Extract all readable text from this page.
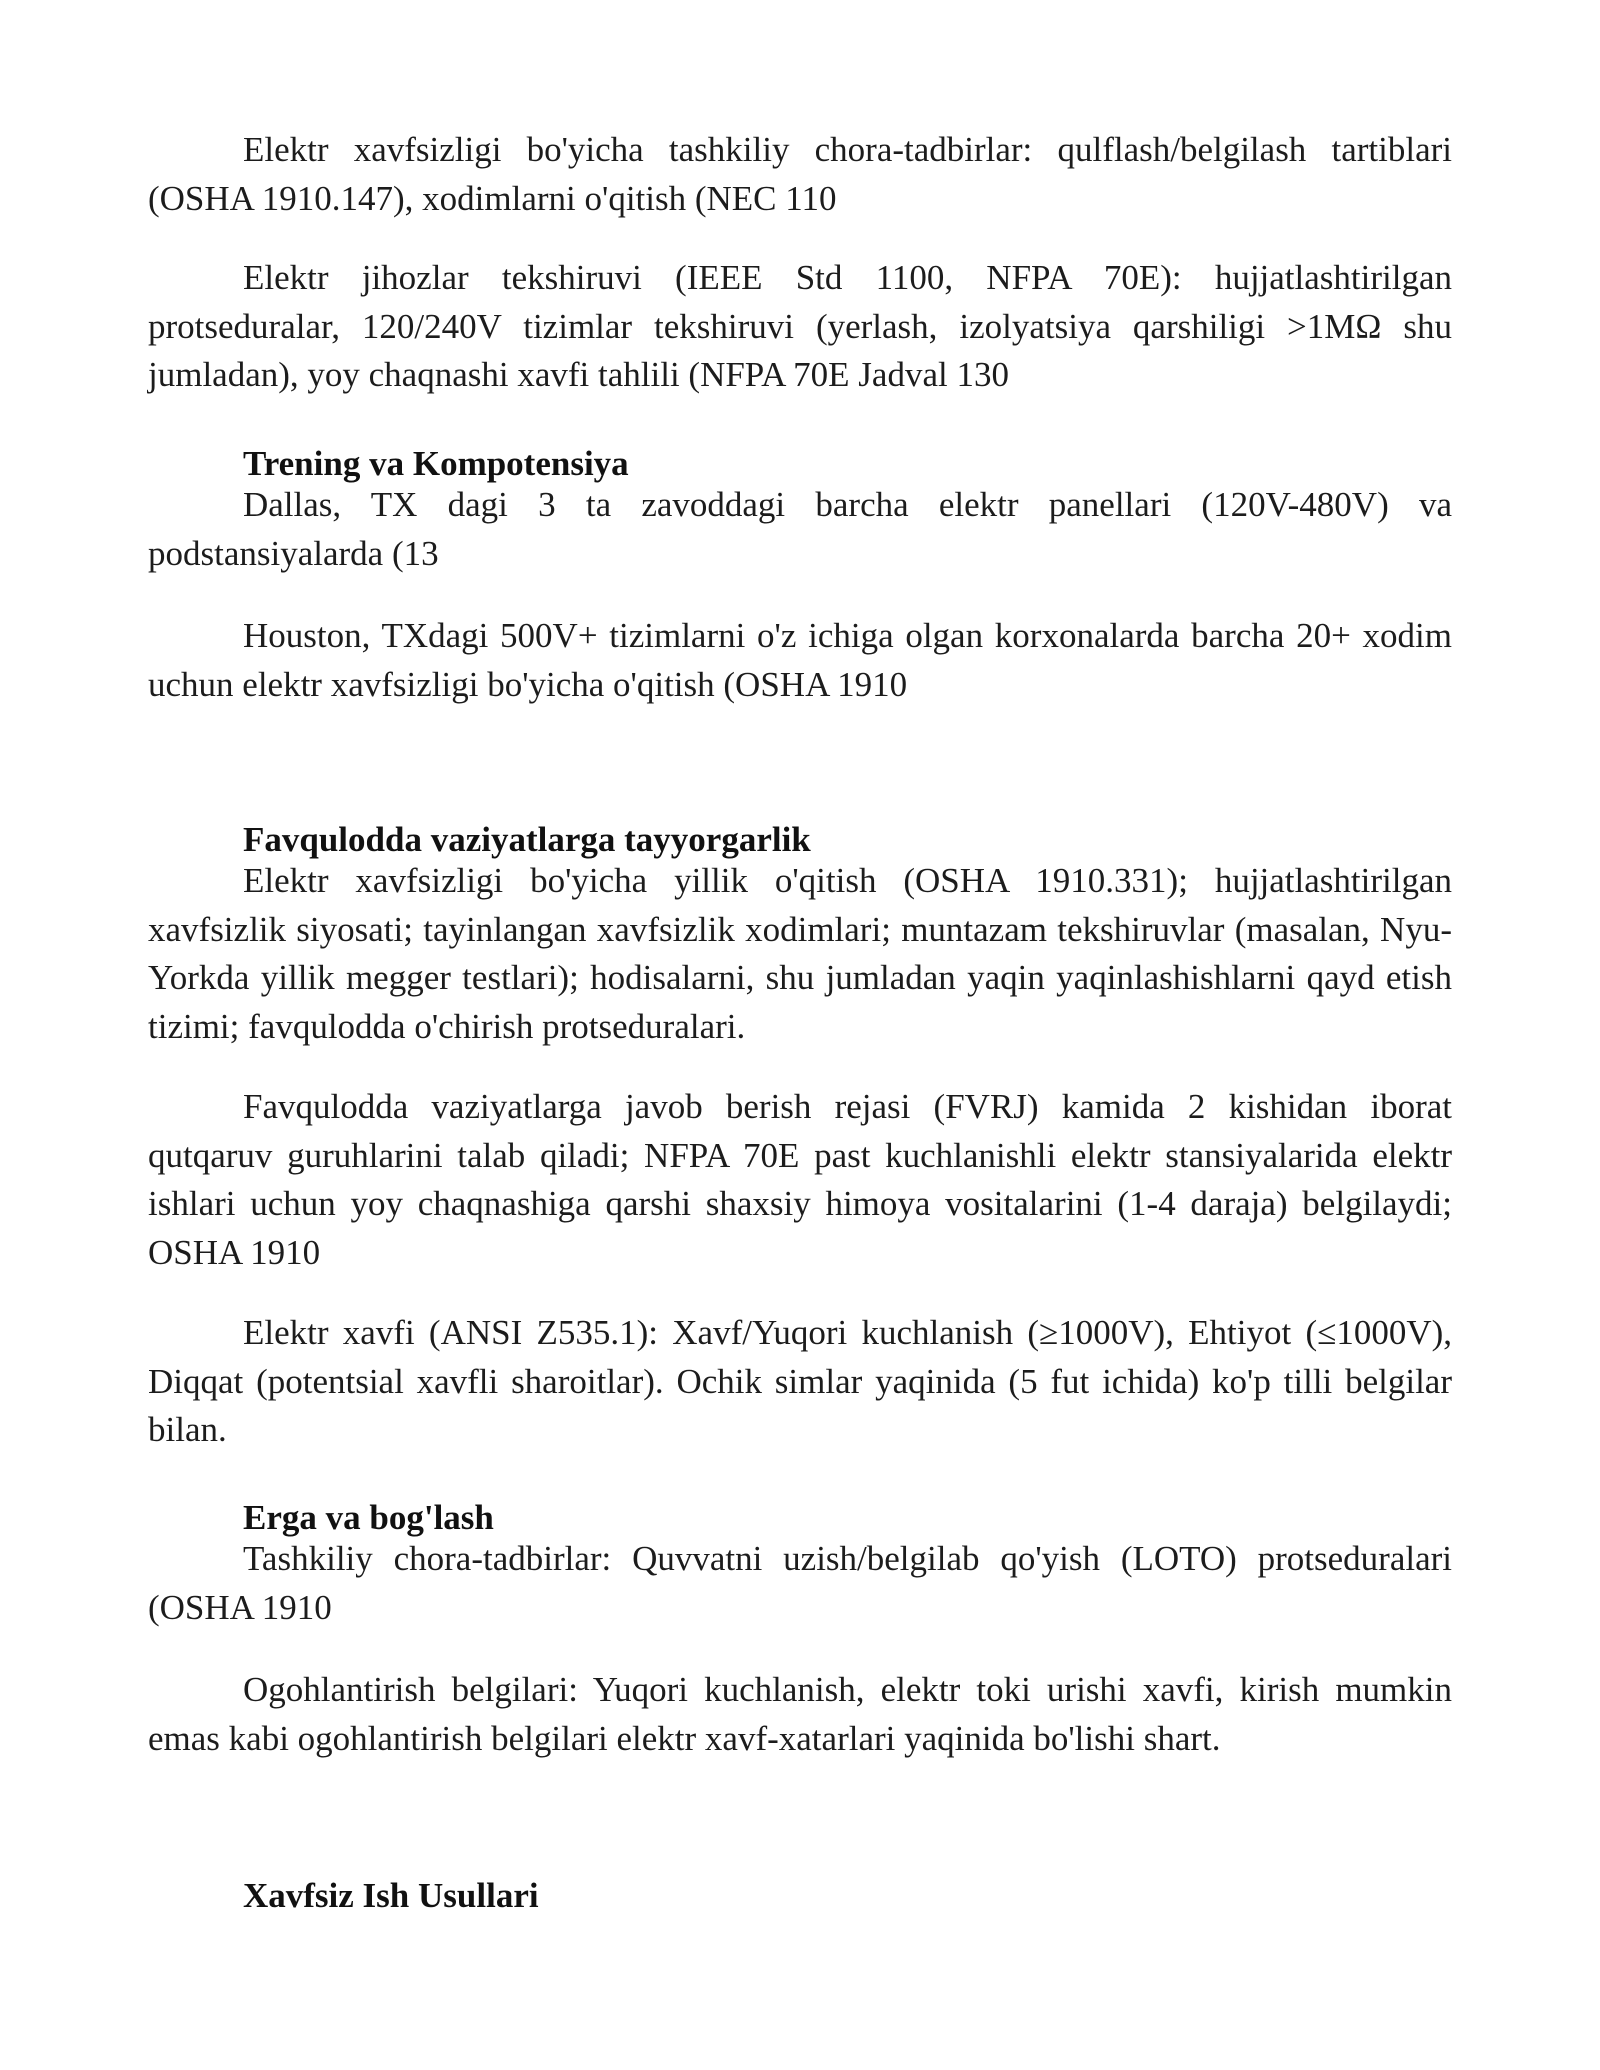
Elektr xavfsizligi bo'yicha tashkiliy chora-tadbirlar: qulflash/belgilash tartiblari (OSHA 1910.147), xodimlarni o'qitish (NEC 110

Elektr jihozlar tekshiruvi (IEEE Std 1100, NFPA 70E): hujjatlashtirilgan protseduralar, 120/240V tizimlar tekshiruvi (yerlash, izolyatsiya qarshiligi >1MΩ shu jumladan), yoy chaqnashi xavfi tahlili (NFPA 70E Jadval 130

Trening va Kompotensiya

Dallas, TX dagi 3 ta zavoddagi barcha elektr panellari (120V-480V) va podstansiyalarda (13

Houston, TXdagi 500V+ tizimlarni o'z ichiga olgan korxonalarda barcha 20+ xodim uchun elektr xavfsizligi bo'yicha o'qitish (OSHA 1910

Favqulodda vaziyatlarga tayyorgarlik

Elektr xavfsizligi bo'yicha yillik o'qitish (OSHA 1910.331); hujjatlashtirilgan xavfsizlik siyosati; tayinlangan xavfsizlik xodimlari; muntazam tekshiruvlar (masalan, Nyu-Yorkda yillik megger testlari); hodisalarni, shu jumladan yaqin yaqinlashishlarni qayd etish tizimi; favqulodda o'chirish protseduralari.

Favqulodda vaziyatlarga javob berish rejasi (FVRJ) kamida 2 kishidan iborat qutqaruv guruhlarini talab qiladi; NFPA 70E past kuchlanishli elektr stansiyalarida elektr ishlari uchun yoy chaqnashiga qarshi shaxsiy himoya vositalarini (1-4 daraja) belgilaydi; OSHA 1910

Elektr xavfi (ANSI Z535.1): Xavf/Yuqori kuchlanish (≥1000V), Ehtiyot (≤1000V), Diqqat (potentsial xavfli sharoitlar). Ochik simlar yaqinida (5 fut ichida) ko'p tilli belgilar bilan.

Erga va bog'lash

Tashkiliy chora-tadbirlar: Quvvatni uzish/belgilab qo'yish (LOTO) protseduralari (OSHA 1910

Ogohlantirish belgilari: Yuqori kuchlanish, elektr toki urishi xavfi, kirish mumkin emas kabi ogohlantirish belgilari elektr xavf-xatarlari yaqinida bo'lishi shart.

Xavfsiz Ish Usullari
